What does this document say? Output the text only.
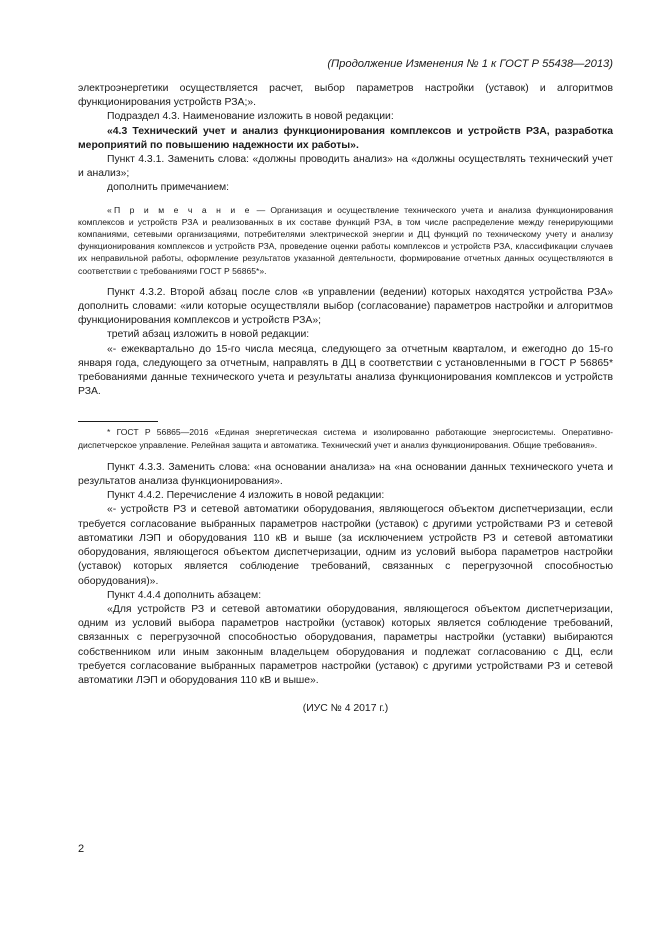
(Продолжение Изменения № 1 к ГОСТ Р 55438—2013)

электроэнергетики осуществляется расчет, выбор параметров настройки (уставок) и алгоритмов функционирования устройств РЗА;».

Подраздел 4.3. Наименование изложить в новой редакции:

«4.3 Технический учет и анализ функционирования комплексов и устройств РЗА, разработка мероприятий по повышению надежности их работы».

Пункт 4.3.1. Заменить слова: «должны проводить анализ» на «должны осуществлять технический учет и анализ»;

дополнить примечанием:

«П р и м е ч а н и е — Организация и осуществление технического учета и анализа функционирования комплексов и устройств РЗА и реализованных в их составе функций РЗА, в том числе распределение между генерирующими компаниями, сетевыми организациями, потребителями электрической энергии и ДЦ функций по техническому учету и анализу функционирования комплексов и устройств РЗА, проведение оценки работы комплексов и устройств РЗА, классификации случаев их неправильной работы, оформление результатов указанной деятельности, формирование отчетных данных осуществляются в соответствии с требованиями ГОСТ Р 56865*».

Пункт 4.3.2. Второй абзац после слов «в управлении (ведении) которых находятся устройства РЗА» дополнить словами: «или которые осуществляли выбор (согласование) параметров настройки и алгоритмов функционирования комплексов и устройств РЗА»;

третий абзац изложить в новой редакции:

«- ежеквартально до 15-го числа месяца, следующего за отчетным кварталом, и ежегодно до 15-го января года, следующего за отчетным, направлять в ДЦ в соответствии с установленными в ГОСТ Р 56865* требованиями данные технического учета и результаты анализа функционирования комплексов и устройств РЗА.

* ГОСТ Р 56865—2016 «Единая энергетическая система и изолированно работающие энергосистемы. Оперативно-диспетчерское управление. Релейная защита и автоматика. Технический учет и анализ функционирования. Общие требования».

Пункт 4.3.3. Заменить слова: «на основании анализа» на «на основании данных технического учета и результатов анализа функционирования».

Пункт 4.4.2. Перечисление 4 изложить в новой редакции:

«- устройств РЗ и сетевой автоматики оборудования, являющегося объектом диспетчеризации, если требуется согласование выбранных параметров настройки (уставок) с другими устройствами РЗ и сетевой автоматики ЛЭП и оборудования 110 кВ и выше (за исключением устройств РЗ и сетевой автоматики оборудования, являющегося объектом диспетчеризации, одним из условий выбора параметров настройки (уставок) которых является соблюдение требований, связанных с перегрузочной способностью оборудования)».

Пункт 4.4.4 дополнить абзацем:

«Для устройств РЗ и сетевой автоматики оборудования, являющегося объектом диспетчеризации, одним из условий выбора параметров настройки (уставок) которых является соблюдение требований, связанных с перегрузочной способностью оборудования, параметры настройки (уставки) выбираются собственником или иным законным владельцем оборудования и подлежат согласованию с ДЦ, если требуется согласование выбранных параметров настройки (уставок) с другими устройствами РЗ и сетевой автоматики ЛЭП и оборудования 110 кВ и выше».

(ИУС № 4 2017 г.)

2
